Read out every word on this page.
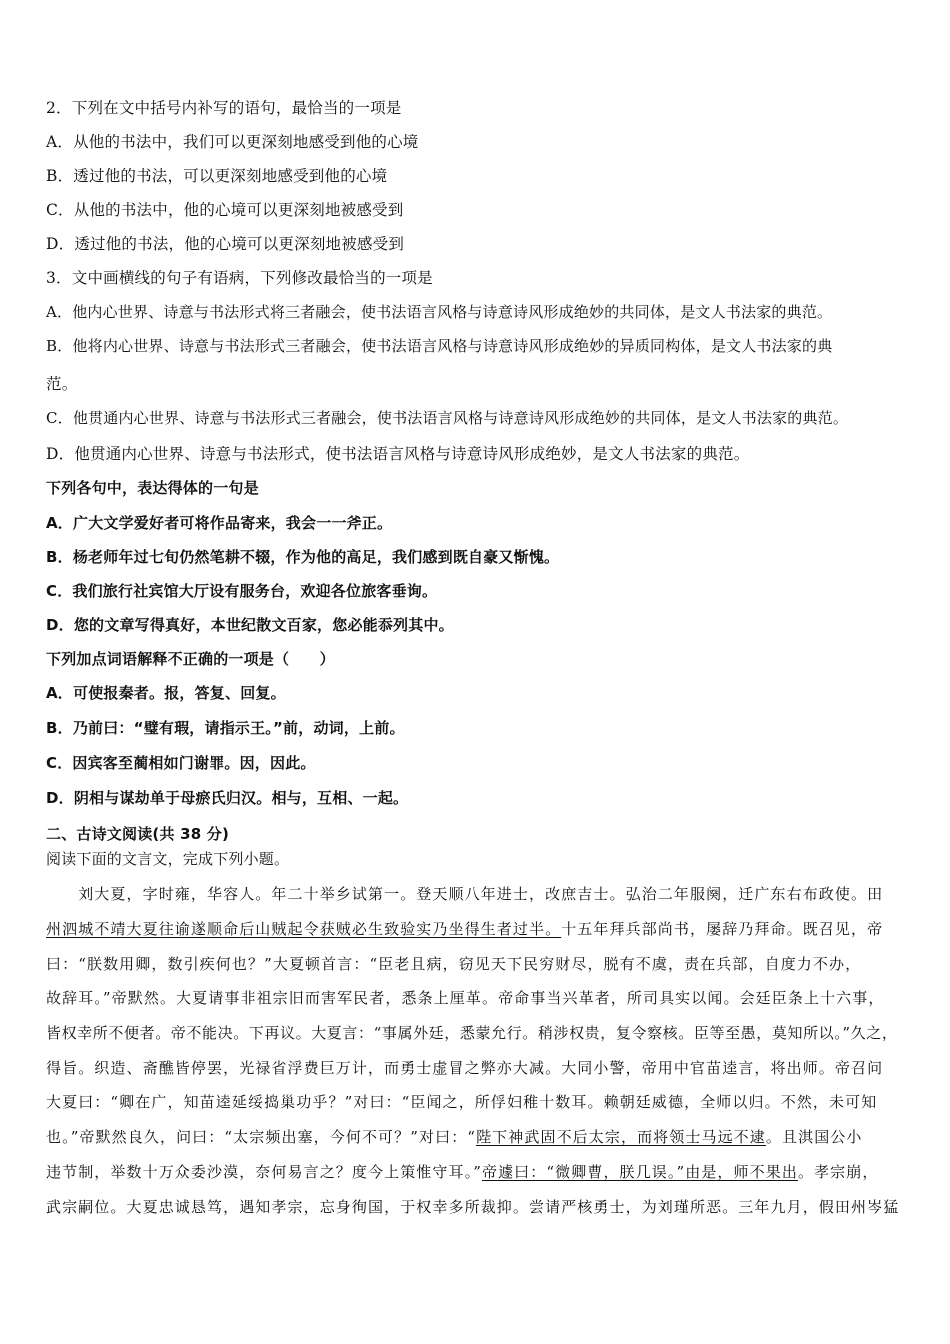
2．下列在文中括号内补写的语句，最恰当的一项是
A．从他的书法中，我们可以更深刻地感受到他的心境
B．透过他的书法，可以更深刻地感受到他的心境
C．从他的书法中，他的心境可以更深刻地被感受到
D．透过他的书法，他的心境可以更深刻地被感受到
3．文中画横线的句子有语病，下列修改最恰当的一项是
A．他内心世界、诗意与书法形式将三者融会，使书法语言风格与诗意诗风形成绝妙的共同体，是文人书法家的典范。
B．他将内心世界、诗意与书法形式三者融会，使书法语言风格与诗意诗风形成绝妙的异质同构体，是文人书法家的典
范。
C．他贯通内心世界、诗意与书法形式三者融会，使书法语言风格与诗意诗风形成绝妙的共同体，是文人书法家的典范。
D．他贯通内心世界、诗意与书法形式，使书法语言风格与诗意诗风形成绝妙，是文人书法家的典范。
下列各句中，表达得体的一句是
A．广大文学爱好者可将作品寄来，我会一一斧正。
B．杨老师年过七旬仍然笔耕不辍，作为他的高足，我们感到既自豪又惭愧。
C．我们旅行社宾馆大厅设有服务台，欢迎各位旅客垂询。
D．您的文章写得真好，本世纪散文百家，您必能忝列其中。
下列加点词语解释不正确的一项是（　　）
A．可使报秦者。报，答复、回复。
B．乃前曰：“璧有瑕，请指示王。”前，动词，上前。
C．因宾客至蔺相如门谢罪。因，因此。
D．阴相与谋劫单于母瘀氏归汉。相与，互相、一起。
二、古诗文阅读(共 38 分)
阅读下面的文言文，完成下列小题。
　　刘大夏，字时雍，华容人。年二十举乡试第一。登天顺八年进士，改庶吉士。弘治二年服阕，迁广东右布政使。田
州泗城不靖大夏往谕遂顺命后山贼起令获贼必生致验实乃坐得生者过半。十五年拜兵部尚书，屡辞乃拜命。既召见，帝
曰：“朕数用卿，数引疾何也？”大夏顿首言：“臣老且病，窃见天下民穷财尽，脱有不虞，责在兵部，自度力不办，
故辞耳。”帝默然。大夏请事非祖宗旧而害军民者，悉条上厘革。帝命事当兴革者，所司具实以闻。会廷臣条上十六事，
皆权幸所不便者。帝不能决。下再议。大夏言：“事属外廷，悉蒙允行。稍涉权贵，复令察核。臣等至愚，莫知所以。”久之，
得旨。织造、斋醮皆停罢，光禄省浮费巨万计，而勇士虚冒之弊亦大减。大同小警，帝用中官苗逵言，将出师。帝召问
大夏曰：“卿在广，知苗逵延绥捣巢功乎？”对曰：“臣闻之，所俘妇稚十数耳。赖朝廷威德，全师以归。不然，未可知
也。”帝默然良久，问曰：“太宗频出塞，今何不可？”对曰：“陛下神武固不后太宗，而将领士马远不逮。且淇国公小
违节制，举数十万众委沙漠，奈何易言之？度今上策惟守耳。”帝遽曰：“微卿曹，朕几误。”由是，师不果出。孝宗崩，
武宗嗣位。大夏忠诚恳笃，遇知孝宗，忘身徇国，于权幸多所裁抑。尝请严核勇士，为刘瑾所恶。三年九月，假田州岑猛
